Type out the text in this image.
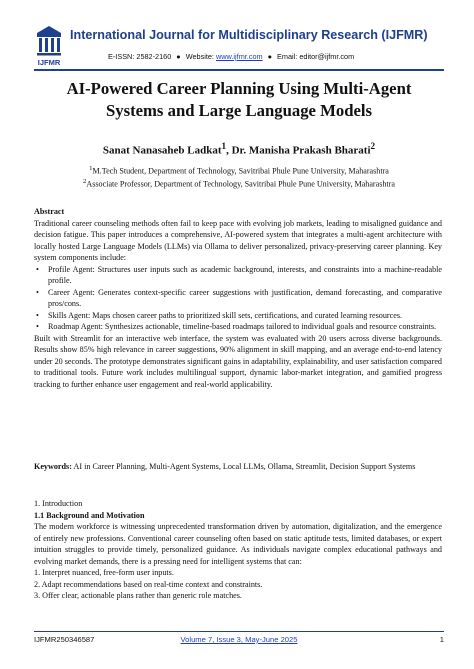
IJFMR
International Journal for Multidisciplinary Research (IJFMR)
E-ISSN: 2582-2160 ● Website: www.ijfmr.com ● Email: editor@ijfmr.com
AI-Powered Career Planning Using Multi-Agent
Systems and Large Language Models
Sanat Nanasaheb Ladkat$^1$, Dr. Manisha Prakash Bharati$^2$
$^1$M.Tech Student, Department of Technology, Savitribai Phule Pune University, Maharashtra
$^2$Associate Professor, Department of Technology, Savitribai Phule Pune University, Maharashtra
Abstract
Traditional career counseling methods often fail to keep pace with evolving job markets, leading to misaligned guidance and decision fatigue. This paper introduces a comprehensive, AI-powered system that integrates a multi-agent architecture with locally hosted Large Language Models (LLMs) via Ollama to deliver personalized, privacy-preserving career planning. Key system components include:
• Profile Agent: Structures user inputs such as academic background, interests, and constraints into a machine-readable profile.
• Career Agent: Generates context-specific career suggestions with justification, demand forecasting, and comparative pros/cons.
• Skills Agent: Maps chosen career paths to prioritized skill sets, certifications, and curated learning resources.
• Roadmap Agent: Synthesizes actionable, timeline-based roadmaps tailored to individual goals and resource constraints.
Built with Streamlit for an interactive web interface, the system was evaluated with 20 users across diverse backgrounds. Results show 85% high relevance in career suggestions, 90% alignment in skill mapping, and an average end-to-end latency under 20 seconds. The prototype demonstrates significant gains in adaptability, explainability, and user satisfaction compared to traditional tools. Future work includes multilingual support, dynamic labor-market integration, and gamified progress tracking to further enhance user engagement and real-world applicability.
Keywords: AI in Career Planning, Multi-Agent Systems, Local LLMs, Ollama, Streamlit, Decision Support Systems
1. Introduction
1.1 Background and Motivation
The modern workforce is witnessing unprecedented transformation driven by automation, digitalization, and the emergence of entirely new professions. Conventional career counseling often based on static aptitude tests, limited databases, or expert intuition struggles to provide timely, personalized guidance. As individuals navigate complex educational pathways and evolving market demands, there is a pressing need for intelligent systems that can:
1. Interpret nuanced, free-form user inputs.
2. Adapt recommendations based on real-time context and constraints.
3. Offer clear, actionable plans rather than generic role matches.
IJFMR250346587	Volume 7, Issue 3, May-June 2025	1
